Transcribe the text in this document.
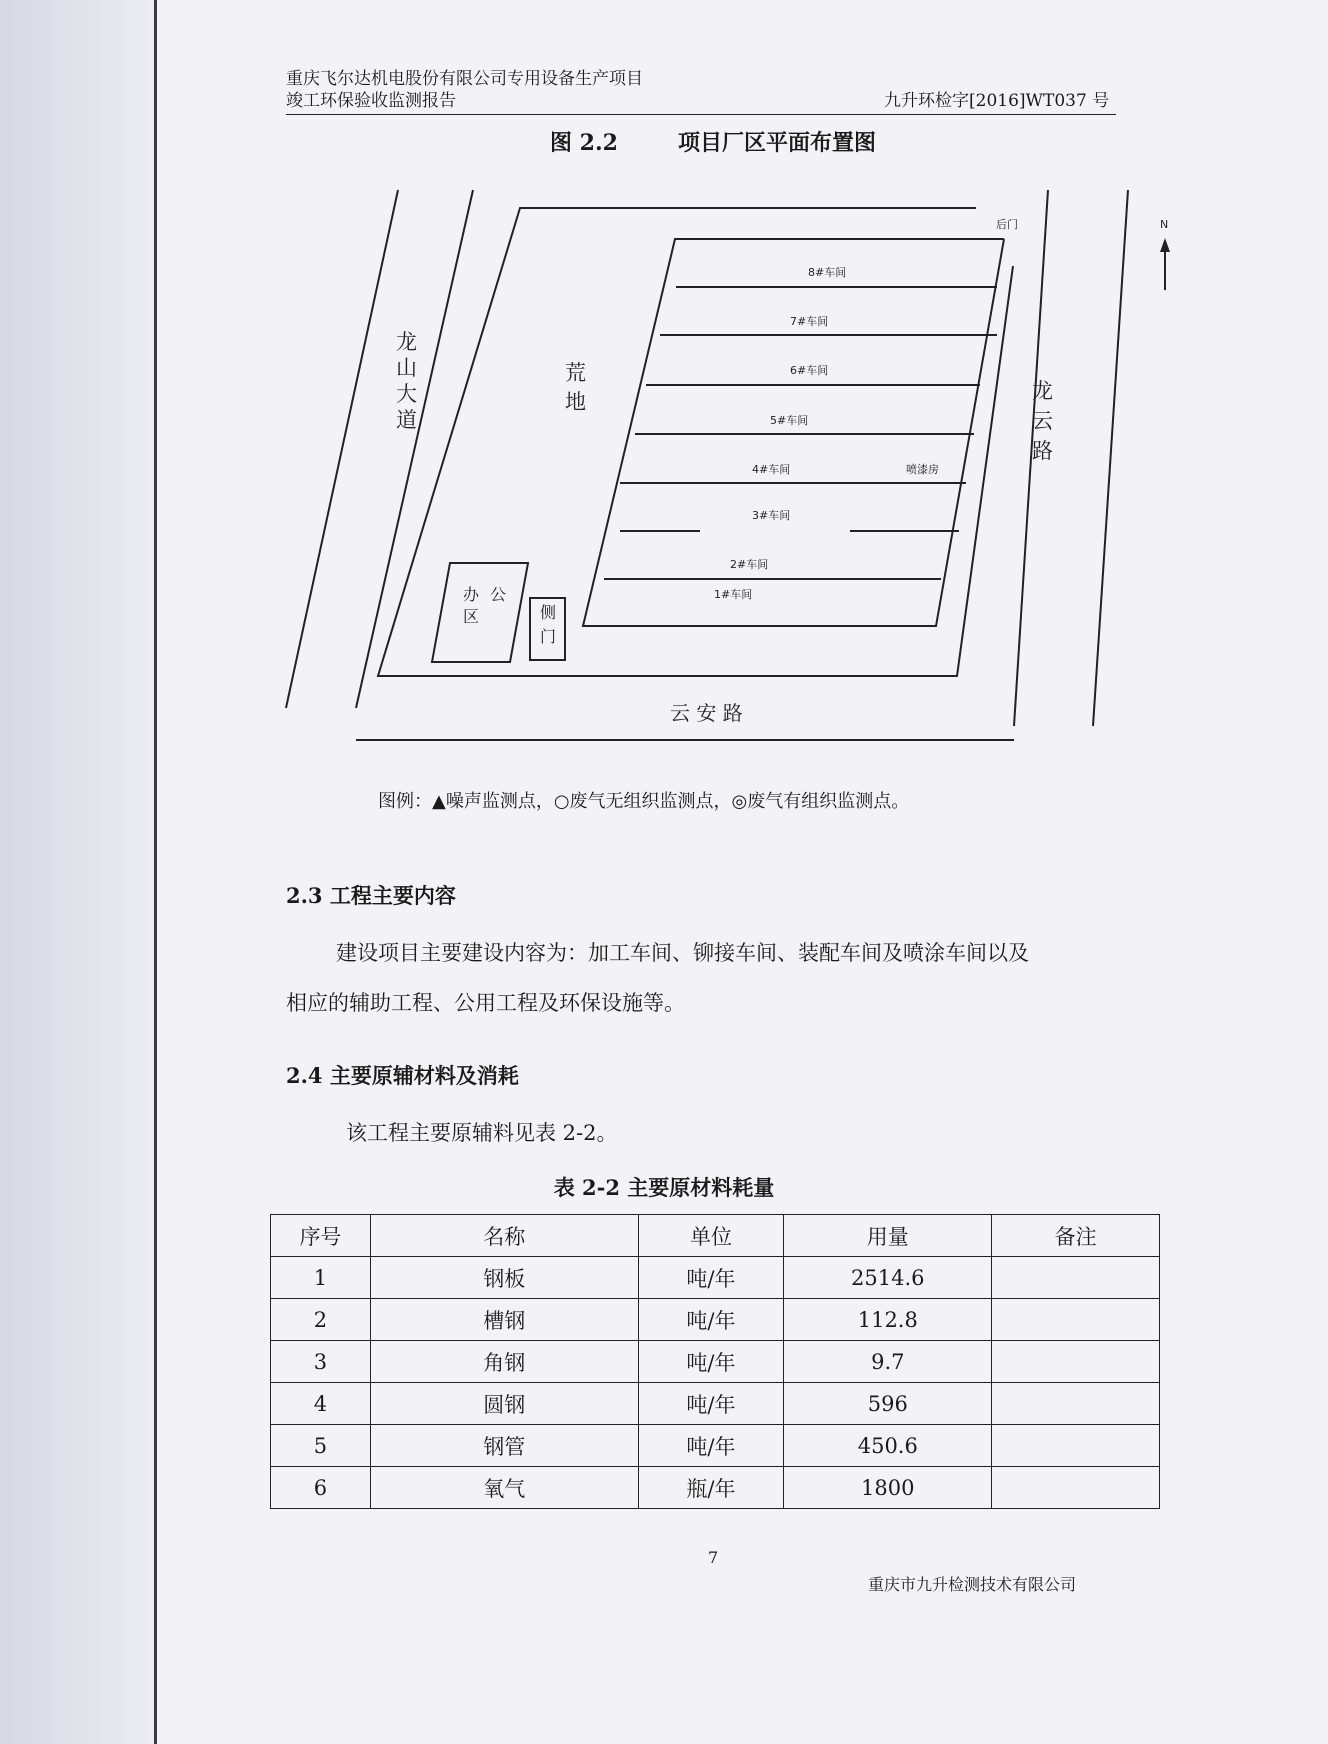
重庆飞尔达机电股份有限公司专用设备生产项目
竣工环保验收监测报告	九升环检字[2016]WT037 号
图 2.2	项目厂区平面布置图
N
后门
8#车间
7#车间
6#车间
5#车间
4#车间	喷漆房
3#车间
2#车间
1#车间
龙 山 大 道
荒 地	龙 云 路
办 公 区	侧 门
云 安 路
图例：▲噪声监测点，○废气无组织监测点，◎废气有组织监测点。
2.3 工程主要内容
建设项目主要建设内容为：加工车间、铆接车间、装配车间及喷涂车间以及
相应的辅助工程、公用工程及环保设施等。
2.4 主要原辅材料及消耗
该工程主要原辅料见表 2-2。
表 2-2 主要原材料耗量
序号	名称	单位	用量	备注
1	钢板	吨/年	2514.6	
2	槽钢	吨/年	112.8	
3	角钢	吨/年	9.7	
4	圆钢	吨/年	596	
5	钢管	吨/年	450.6	
6	氧气	瓶/年	1800	
7
重庆市九升检测技术有限公司
